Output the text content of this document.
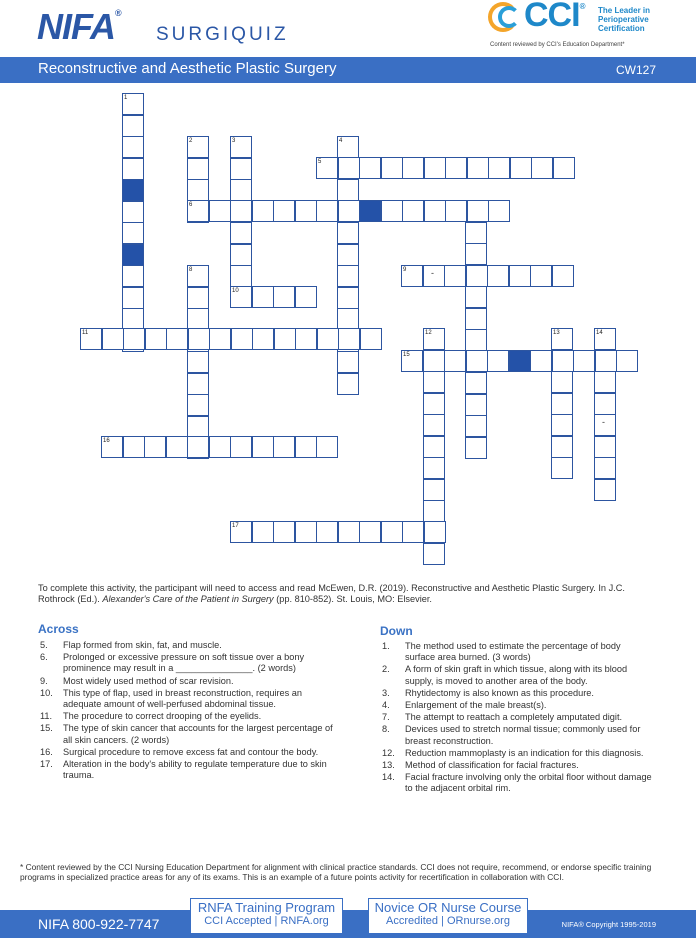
NIFA®
SURGIQUIZ
CCI® The Leader in Perioperative Certification
Content reviewed by CCI's Education Department*
Reconstructive and Aesthetic Plastic Surgery	CW127
1
2	3	4
8
12	13	14
5
6
9
10
11
15
16
17
-
-
To complete this activity, the participant will need to access and read McEwen, D.R. (2019). Reconstructive and Aesthetic Plastic Surgery. In J.C. Rothrock (Ed.). Alexander's Care of the Patient in Surgery (pp. 810-852). St. Louis, MO: Elsevier.
Across
5.	Flap formed from skin, fat, and muscle.
6.	Prolonged or excessive pressure on soft tissue over a bony prominence may result in a _______________. (2 words)
9.	Most widely used method of scar revision.
10.	This type of flap, used in breast reconstruction, requires an adequate amount of well-perfused abdominal tissue.
11.	The procedure to correct drooping of the eyelids.
15.	The type of skin cancer that accounts for the largest percentage of all skin cancers. (2 words)
16.	Surgical procedure to remove excess fat and contour the body.
17.	Alteration in the body's ability to regulate temperature due to skin trauma.
Down
1.	The method used to estimate the percentage of body surface area burned. (3 words)
2.	A form of skin graft in which tissue, along with its blood supply, is moved to another area of the body.
3.	Rhytidectomy is also known as this procedure.
4.	Enlargement of the male breast(s).
7.	The attempt to reattach a completely amputated digit.
8.	Devices used to stretch normal tissue; commonly used for breast reconstruction.
12.	Reduction mammoplasty is an indication for this diagnosis.
13.	Method of classification for facial fractures.
14.	Facial fracture involving only the orbital floor without damage to the adjacent orbital rim.
* Content reviewed by the CCI Nursing Education Department for alignment with clinical practice standards. CCI does not require, recommend, or endorse specific training programs in specialized practice areas for any of its exams. This is an example of a future points activity for recertification in collaboration with CCI.
NIFA 800-922-7747
RNFA Training Program
CCI Accepted | RNFA.org
Novice OR Nurse Course
Accredited | ORnurse.org	NIFA® Copyright 1995-2019
